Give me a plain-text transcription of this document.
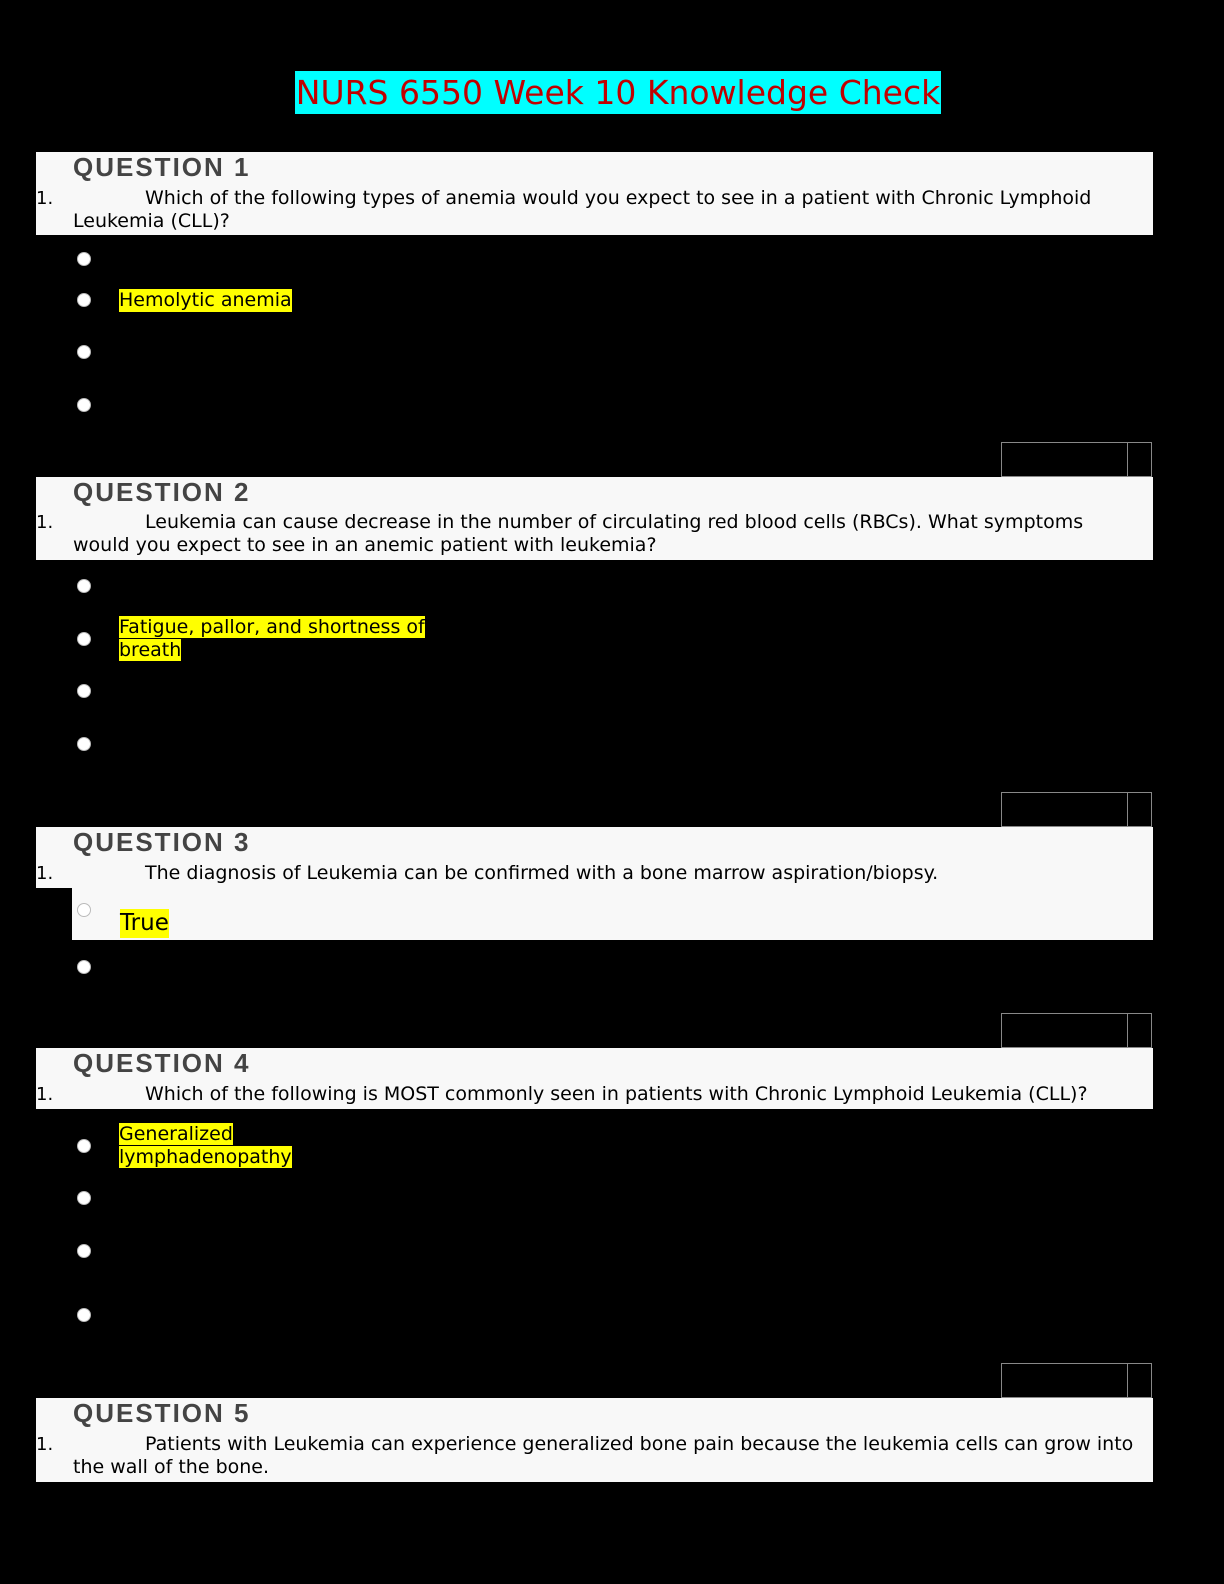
NURS 6550 Week 10 Knowledge Check
QUESTION 1
1.	Which of the following types of anemia would you expect to see in a patient with Chronic Lymphoid Leukemia (CLL)?
Hemolytic anemia
QUESTION 2
1.	Leukemia can cause decrease in the number of circulating red blood cells (RBCs). What symptoms would you expect to see in an anemic patient with leukemia?
Fatigue, pallor, and shortness of
breath
QUESTION 3
1.	The diagnosis of Leukemia can be confirmed with a bone marrow aspiration/biopsy.
True
QUESTION 4
1.	Which of the following is MOST commonly seen in patients with Chronic Lymphoid Leukemia (CLL)?
Generalized
lymphadenopathy
QUESTION 5
1.	Patients with Leukemia can experience generalized bone pain because the leukemia cells can grow into the wall of the bone.
